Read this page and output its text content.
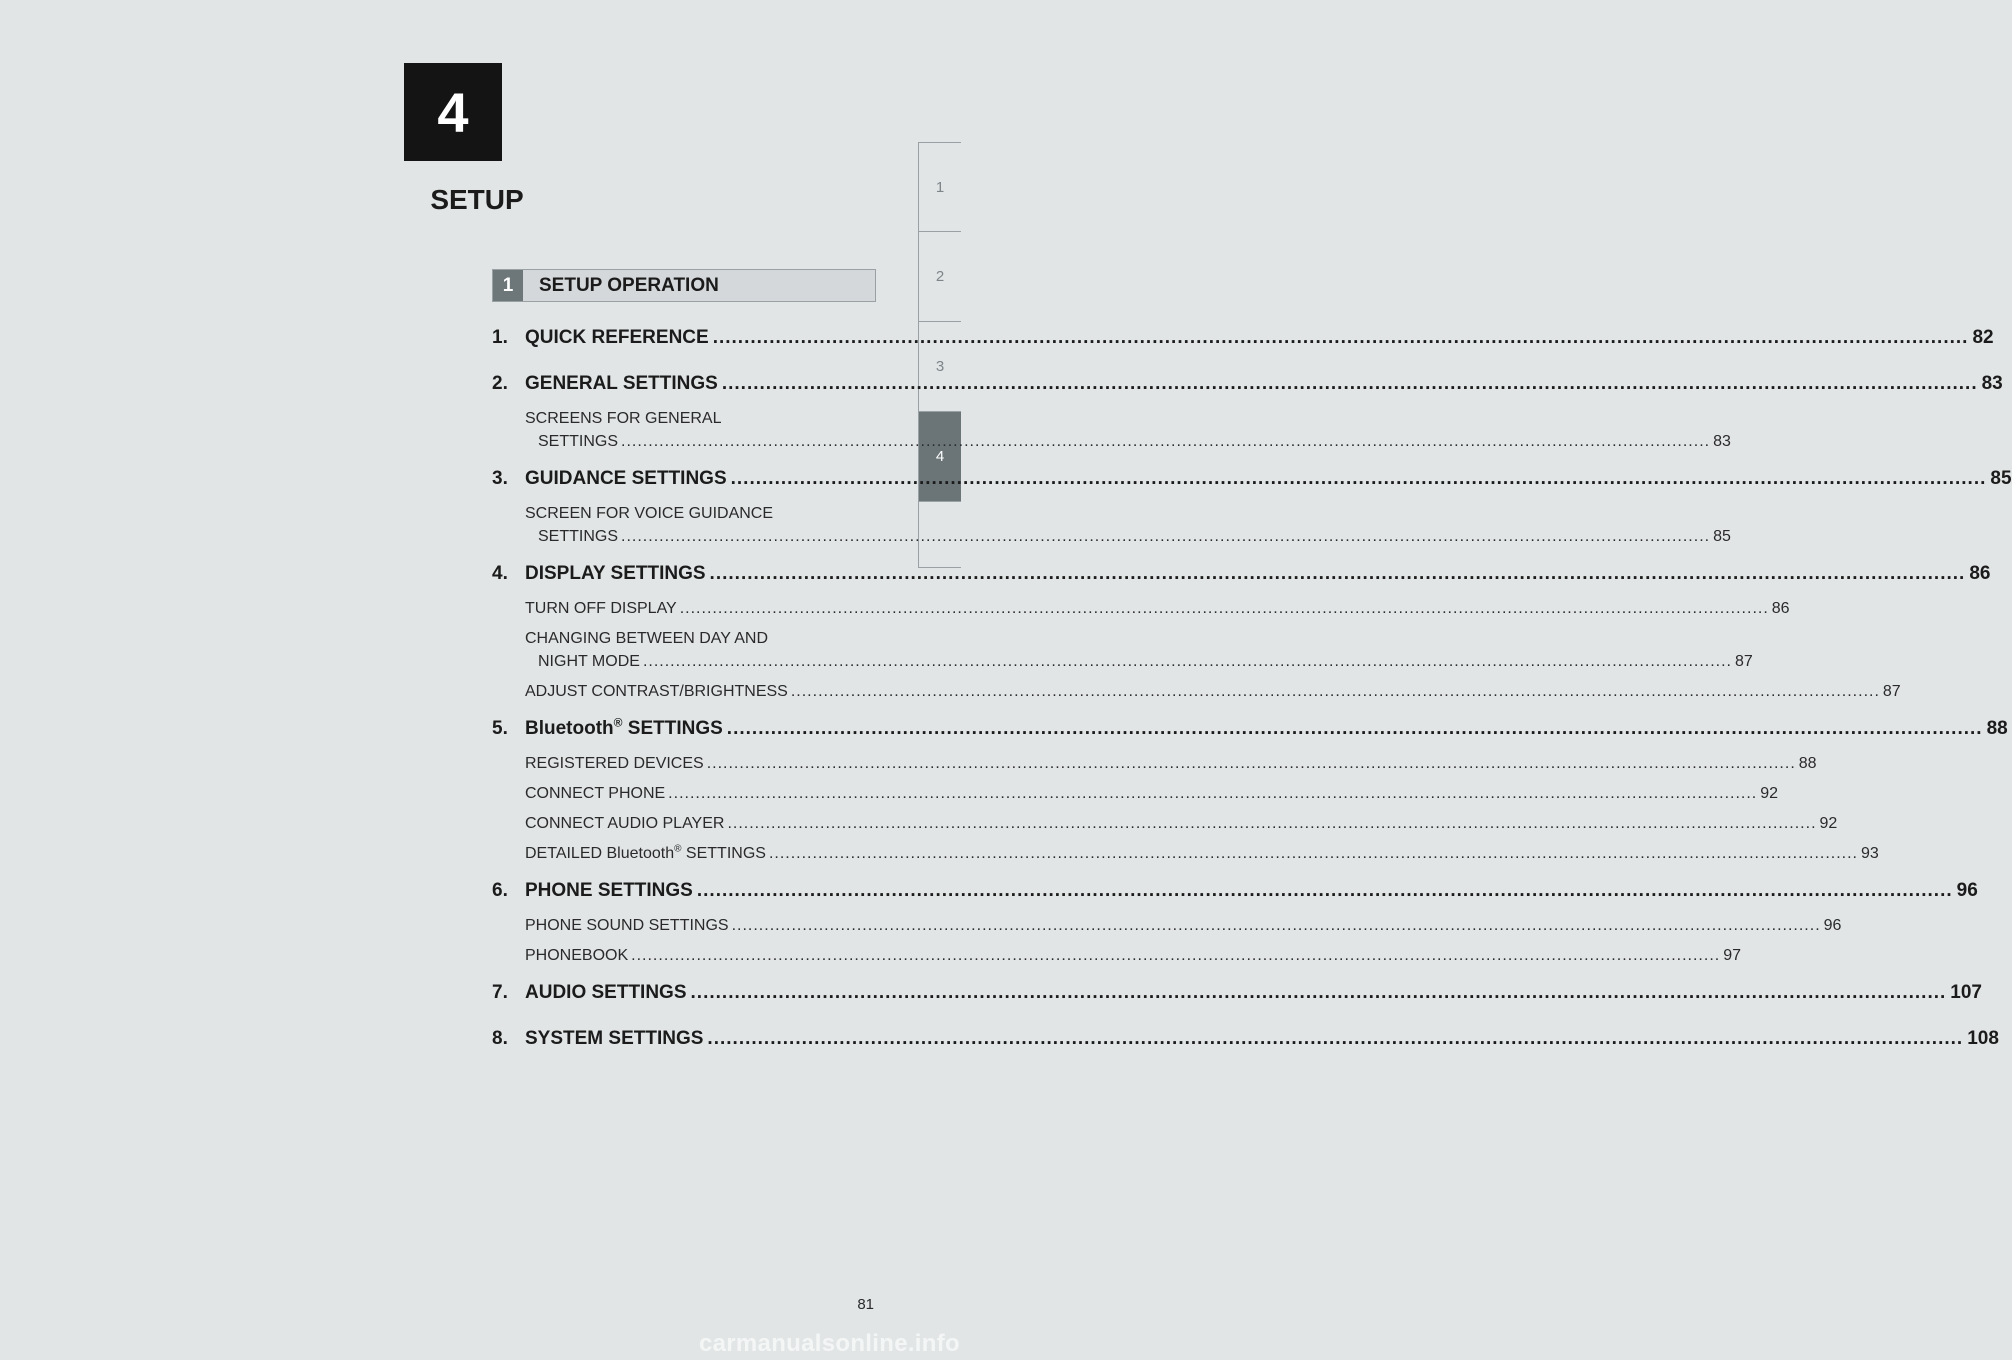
4
SETUP	1
2
3
4
1	SETUP OPERATION
1. QUICK REFERENCE ........................................................................................................................................................................................................ 82
2. GENERAL SETTINGS ........................................................................................................................................................................................................ 83
SCREENS FOR GENERAL
SETTINGS ........................................................................................................................................................................................................ 83
3. GUIDANCE SETTINGS ........................................................................................................................................................................................................ 85
SCREEN FOR VOICE GUIDANCE
SETTINGS ........................................................................................................................................................................................................ 85
4. DISPLAY SETTINGS ........................................................................................................................................................................................................ 86
TURN OFF DISPLAY ........................................................................................................................................................................................................ 86
CHANGING BETWEEN DAY AND
NIGHT MODE ........................................................................................................................................................................................................ 87
ADJUST CONTRAST/BRIGHTNESS ........................................................................................................................................................................................................ 87
5. Bluetooth® SETTINGS ........................................................................................................................................................................................................ 88
REGISTERED DEVICES ........................................................................................................................................................................................................ 88
CONNECT PHONE ........................................................................................................................................................................................................ 92
CONNECT AUDIO PLAYER ........................................................................................................................................................................................................ 92
DETAILED Bluetooth® SETTINGS ........................................................................................................................................................................................................ 93
6. PHONE SETTINGS ........................................................................................................................................................................................................ 96
PHONE SOUND SETTINGS ........................................................................................................................................................................................................ 96
PHONEBOOK ........................................................................................................................................................................................................ 97
7. AUDIO SETTINGS ........................................................................................................................................................................................................ 107
8. SYSTEM SETTINGS ........................................................................................................................................................................................................ 108
81
carmanualsonline.info
